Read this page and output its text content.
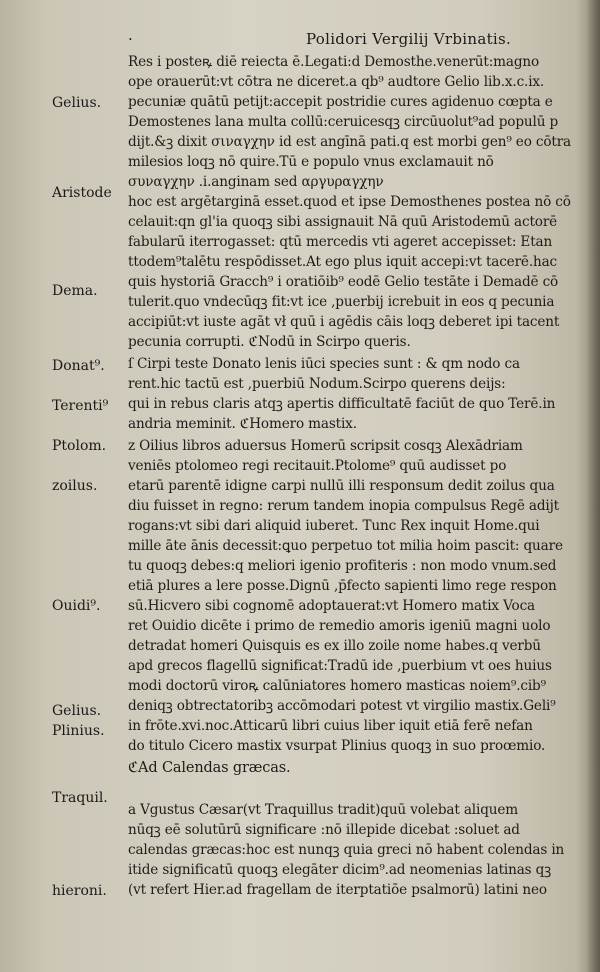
·	Polidori Vergilij Vrbinatis.
Gelius.
Aristode
Dema.
Donat⁹.
Terenti⁹
Ptolom.
zoilus.
Ouidi⁹.
Gelius.
Plinius.
Traquil.
hieroni.
Res i posteꝶ diē reiecta ē.Legati:d Demosthe.venerūt:magno
ope orauerūt:vt cōtra ne diceret.a qb⁹ audtore Gelio lib.x.c.ix.
pecuniæ quātū petijt:accepit postridie cures agidenuo cœpta e
Demostenes lana multa collū:ceruicesqꝫ circūuolut⁹ad populū p
dijt.&ꝫ dixit σιναγχην id est angīnā pati.q est morbi gen⁹ eo cōtra
milesios loqꝫ nō quire.Tū e populo vnus exclamauit nō
συναγχην .i.anginam sed αργυραγχην
hoc est argētarginā esset.quod et ipse Demosthenes postea nō cō
celauit:qn gl'ia quoqꝫ sibi assignauit Nā quū Aristodemū actorē
fabularū iterrogasset: qtū mercedis vti ageret accepisset: Etan
ttodem⁹talētu respōdisset.At ego plus iquit accepi:vt tacerē.hac
quis hystoriā Gracch⁹ i oratiōib⁹ eodē Gelio testāte i Demadē cō
tulerit.quo vndecūqꝫ fit:vt ice ,puerbij icrebuit in eos q pecunia
accipiūt:vt iuste agāt vł quū i agēdis cāis loqꝫ deberet ipi tacent
pecunia corrupti. ℭNodū in Scirpo queris.
ſ Cirpi teste Donato lenis iūci species sunt : & qm nodo ca
rent.hic tactū est ,puerbiū Nodum.Scirpo querens deijs:
qui in rebus claris atqꝫ apertis difficultatē faciūt de quo Terē.in
andria meminit. ℭHomero mastix.
z Oilius libros aduersus Homerū scripsit cosqꝫ Alexādriam
veniēs ptolomeo regi recitauit.Ptolome⁹ quū audisset po
etarū parentē idigne carpi nullū illi responsum dedit zoilus qua
diu fuisset in regno: rerum tandem inopia compulsus Regē adijt
rogans:vt sibi dari aliquid iuberet. Tunc Rex inquit Home.qui
mille āte ānis decessit:ꝗuo perpetuo tot milia hoim pascit: quare
tu quoqꝫ debes:q meliori igenio profiteris : non modo vnum.sed
etiā plures a lere posse.Dignū ,p̄fecto sapienti limo rege respon
sū.Hicvero sibi cognomē adoptauerat:vt Homero matix Voca
ret Ouidio dicēte i primo de remedio amoris igeniū magni uolo
detradat homeri Quisquis es ex illo zoile nome habes.q verbū
apd grecos flagellū significat:Tradū ide ,puerbium vt oes huius
modi doctorū viroꝶ calūniatores homero masticas noiem⁹.cib⁹
deniqꝫ obtrectatoribꝫ accōmodari potest vt virgilio mastix.Geli⁹
in frōte.xvi.noc.Atticarū libri cuius liber iquit etiā ferē nefan
do titulo Cicero mastix vsurpat Plinius quoqꝫ in suo proœmio.
ℭAd Calendas græcas.
a Vgustus Cæsar(vt Traquillus tradit)quū volebat aliquem
nūqꝫ eē solutūrū significare :nō illepide dicebat :soluet ad
calendas græcas:hoc est nunqꝫ quia greci nō habent colendas in
itide significatū quoqꝫ elegāter dicim⁹.ad neomenias latinas qꝫ
(vt refert Hier.ad fragellam de iterptatiōe psalmorū) latini neo
